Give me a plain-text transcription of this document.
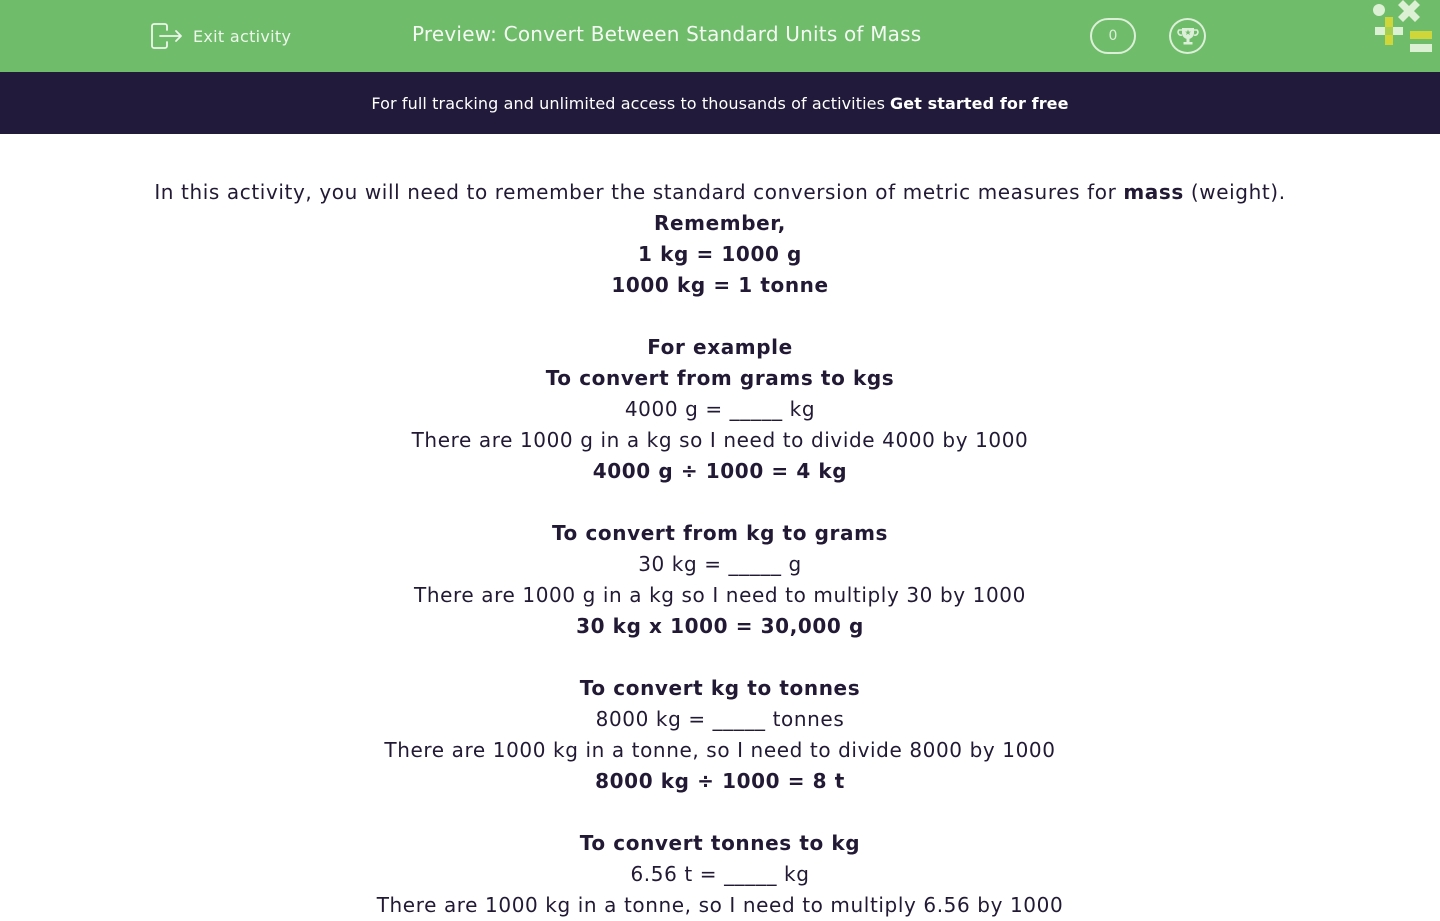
Exit activity	Preview: Convert Between Standard Units of Mass	0
For full tracking and unlimited access to thousands of activities Get started for free
In this activity, you will need to remember the standard conversion of metric measures for mass (weight).
Remember,
1 kg = 1000 g
1000 kg = 1 tonne
For example
To convert from grams to kgs
4000 g = _____ kg
There are 1000 g in a kg so I need to divide 4000 by 1000
4000 g ÷ 1000 = 4 kg
To convert from kg to grams
30 kg = _____ g
There are 1000 g in a kg so I need to multiply 30 by 1000
30 kg x 1000 = 30,000 g
To convert kg to tonnes
8000 kg = _____ tonnes
There are 1000 kg in a tonne, so I need to divide 8000 by 1000
8000 kg ÷ 1000 = 8 t
To convert tonnes to kg
6.56 t = _____ kg
There are 1000 kg in a tonne, so I need to multiply 6.56 by 1000
